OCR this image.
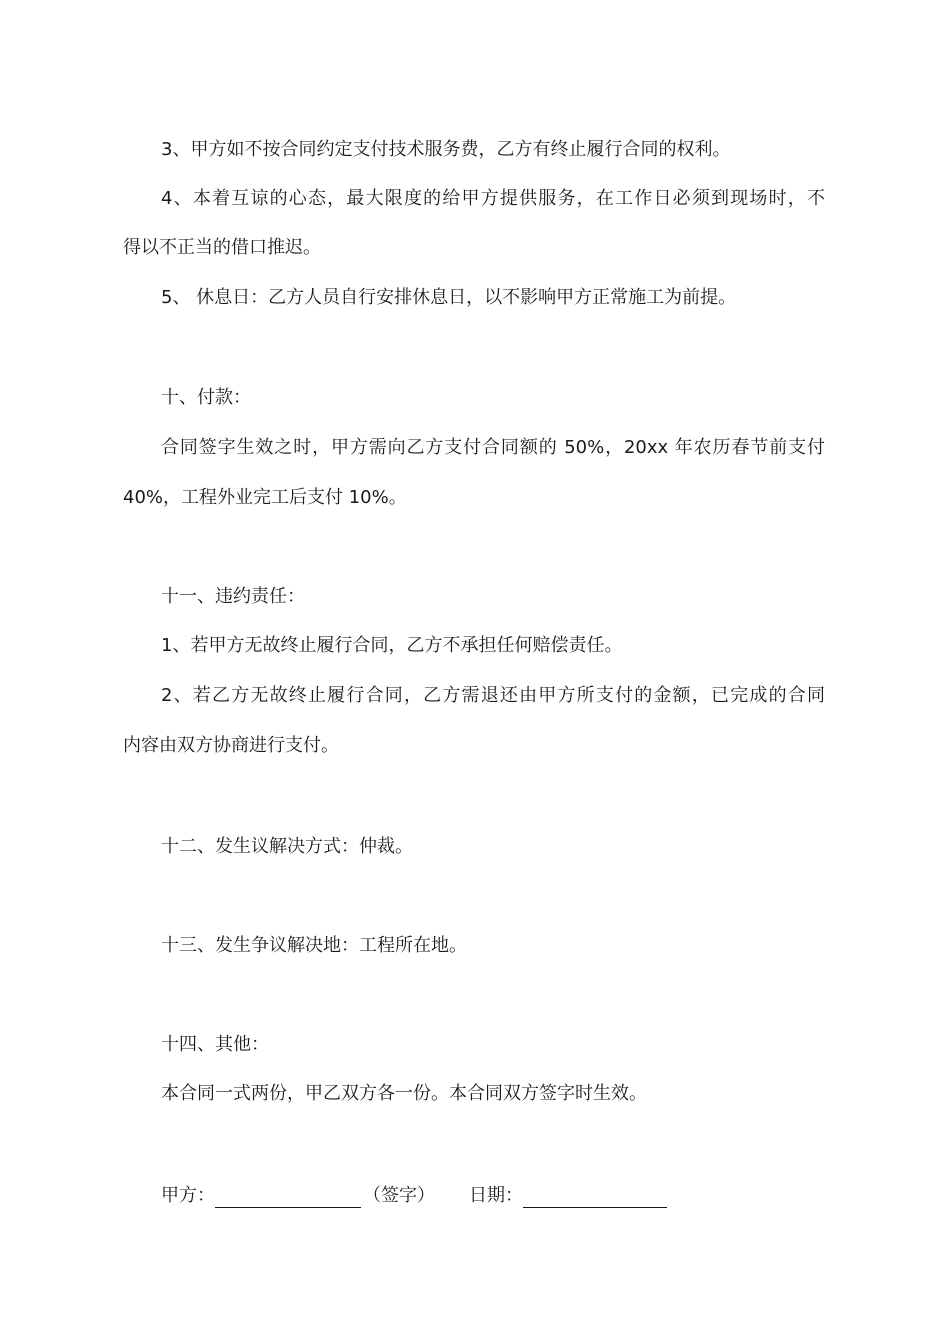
3、甲方如不按合同约定支付技术服务费，乙方有终止履行合同的权利。
4、本着互谅的心态，最大限度的给甲方提供服务，在工作日必须到现场时，不
得以不正当的借口推迟。
5、 休息日：乙方人员自行安排休息日，以不影响甲方正常施工为前提。
十、付款：
合同签字生效之时，甲方需向乙方支付合同额的 50%，20xx 年农历春节前支付
40%，工程外业完工后支付 10%。
十一、违约责任：
1、若甲方无故终止履行合同，乙方不承担任何赔偿责任。
2、若乙方无故终止履行合同，乙方需退还由甲方所支付的金额，已完成的合同
内容由双方协商进行支付。
十二、发生议解决方式：仲裁。
十三、发生争议解决地：工程所在地。
十四、其他：
本合同一式两份，甲乙双方各一份。本合同双方签字时生效。
甲方：	（签字） 日期：
